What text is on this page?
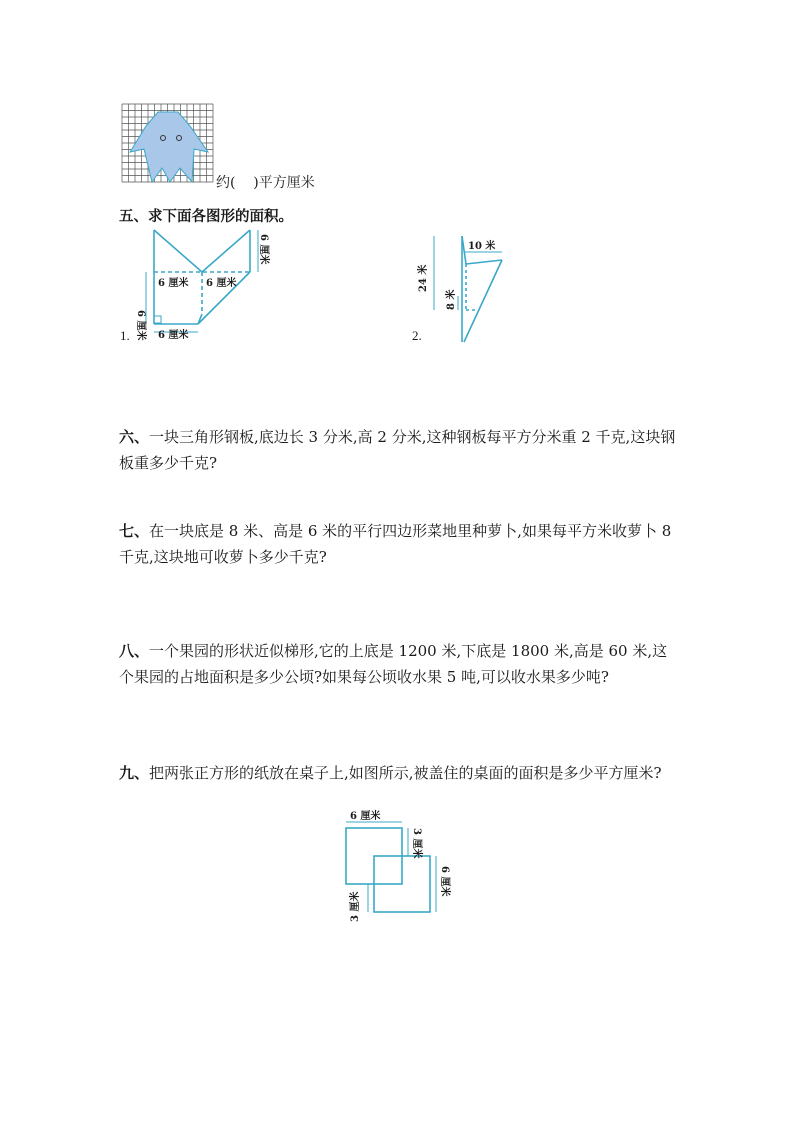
约( )平方厘米
五、求下面各图形的面积。
6 厘米
6 厘米 6 厘米
6 厘米
6 厘米
1.
10 米
24 米
8 米
2.
六、一块三角形钢板,底边长 3 分米,高 2 分米,这种钢板每平方分米重 2 千克,这块钢板重多少千克?
七、在一块底是 8 米、高是 6 米的平行四边形菜地里种萝卜,如果每平方米收萝卜 8 千克,这块地可收萝卜多少千克?
八、一个果园的形状近似梯形,它的上底是 1200 米,下底是 1800 米,高是 60 米,这个果园的占地面积是多少公顷?如果每公顷收水果 5 吨,可以收水果多少吨?
九、把两张正方形的纸放在桌子上,如图所示,被盖住的桌面的面积是多少平方厘米?
6 厘米
3 厘米
6 厘米
3 厘米
